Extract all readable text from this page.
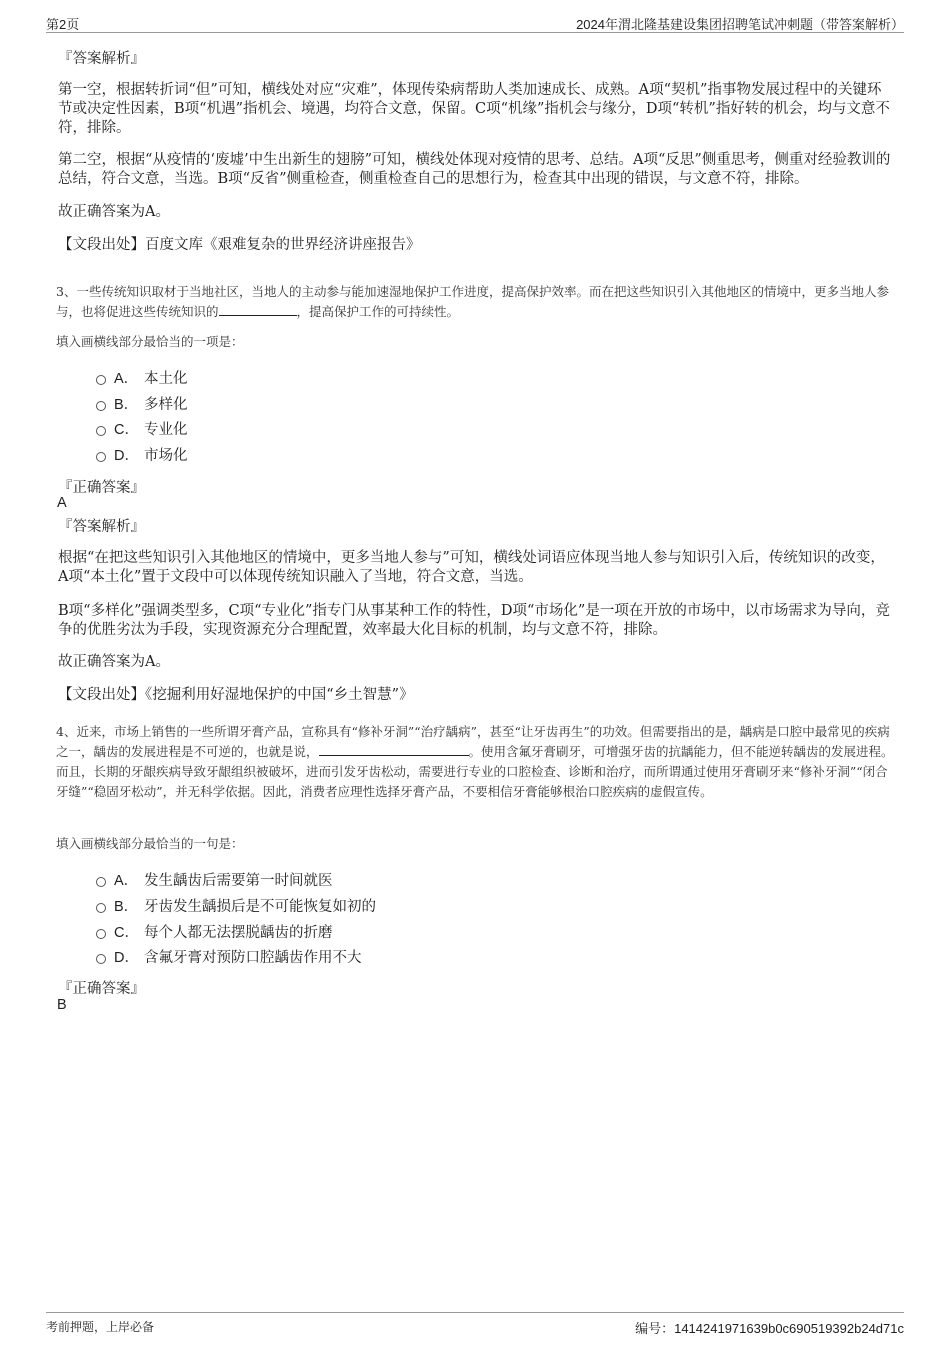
第2页	2024年渭北隆基建设集团招聘笔试冲刺题（带答案解析）
『答案解析』
第一空，根据转折词“但”可知，横线处对应“灾难”，体现传染病帮助人类加速成长、成熟。A项“契机”指事物发展过程中的关键环节或决定性因素，B项“机遇”指机会、境遇，均符合文意，保留。C项“机缘”指机会与缘分，D项“转机”指好转的机会，均与文意不符，排除。
第二空，根据“从疫情的‘废墟’中生出新生的翅膀”可知，横线处体现对疫情的思考、总结。A项“反思”侧重思考，侧重对经验教训的总结，符合文意，当选。B项“反省”侧重检查，侧重检查自己的思想行为，检查其中出现的错误，与文意不符，排除。
故正确答案为A。
【文段出处】百度文库《艰难复杂的世界经济讲座报告》
3、一些传统知识取材于当地社区，当地人的主动参与能加速湿地保护工作进度，提高保护效率。而在把这些知识引入其他地区的情境中，更多当地人参与，也将促进这些传统知识的	，提高保护工作的可持续性。
填入画横线部分最恰当的一项是：
A． 本土化
B． 多样化
C． 专业化
D． 市场化
『正确答案』
A
『答案解析』
根据“在把这些知识引入其他地区的情境中，更多当地人参与”可知，横线处词语应体现当地人参与知识引入后，传统知识的改变，A项“本土化”置于文段中可以体现传统知识融入了当地，符合文意，当选。
B项“多样化”强调类型多，C项“专业化”指专门从事某种工作的特性，D项“市场化”是一项在开放的市场中，以市场需求为导向，竞争的优胜劣汰为手段，实现资源充分合理配置，效率最大化目标的机制，均与文意不符，排除。
故正确答案为A。
【文段出处】《挖掘利用好湿地保护的中国“乡土智慧”》
4、近来，市场上销售的一些所谓牙膏产品，宣称具有“修补牙洞”“治疗龋病”，甚至“让牙齿再生”的功效。但需要指出的是，龋病是口腔中最常见的疾病之一，龋齿的发展进程是不可逆的，也就是说，	。使用含氟牙膏刷牙，可增强牙齿的抗龋能力，但不能逆转龋齿的发展进程。而且，长期的牙龈疾病导致牙龈组织被破坏，进而引发牙齿松动，需要进行专业的口腔检查、诊断和治疗，而所谓通过使用牙膏刷牙来“修补牙洞”“闭合牙缝”“稳固牙松动”，并无科学依据。因此，消费者应理性选择牙膏产品，不要相信牙膏能够根治口腔疾病的虚假宣传。
填入画横线部分最恰当的一句是：
A． 发生龋齿后需要第一时间就医
B． 牙齿发生龋损后是不可能恢复如初的
C． 每个人都无法摆脱龋齿的折磨
D． 含氟牙膏对预防口腔龋齿作用不大
『正确答案』
B
考前押题，上岸必备	编号：1414241971639b0c690519392b24d71c
